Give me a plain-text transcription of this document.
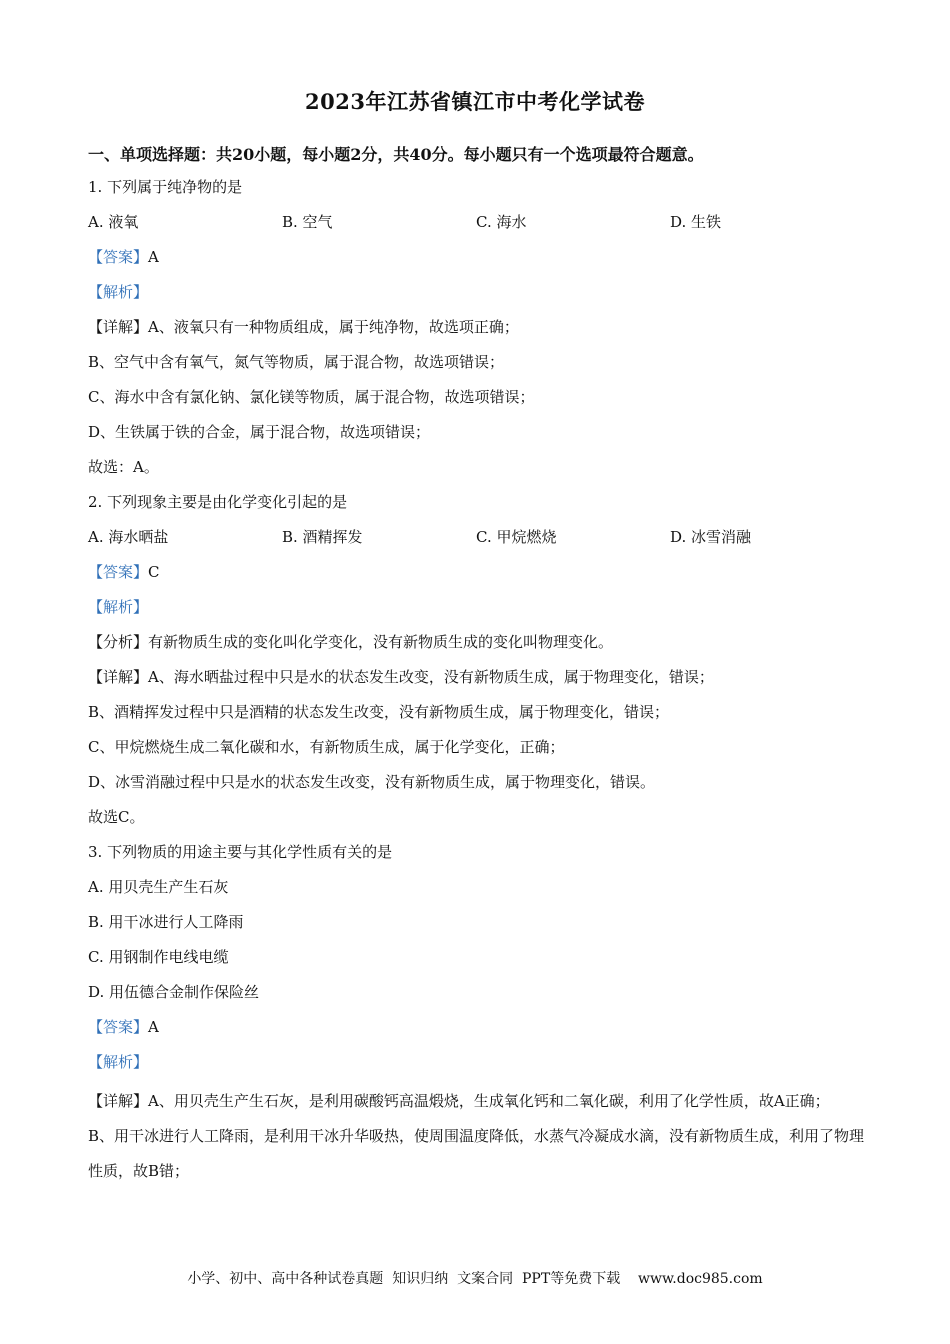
2023年江苏省镇江市中考化学试卷
一、单项选择题：共20小题，每小题2分，共40分。每小题只有一个选项最符合题意。
1. 下列属于纯净物的是
A. 液氧	B. 空气	C. 海水	D. 生铁
【答案】A
【解析】
【详解】A、液氧只有一种物质组成，属于纯净物，故选项正确；
B、空气中含有氧气，氮气等物质，属于混合物，故选项错误；
C、海水中含有氯化钠、氯化镁等物质，属于混合物，故选项错误；
D、生铁属于铁的合金，属于混合物，故选项错误；
故选：A。
2. 下列现象主要是由化学变化引起的是
A. 海水晒盐	B. 酒精挥发	C. 甲烷燃烧	D. 冰雪消融
【答案】C
【解析】
【分析】有新物质生成的变化叫化学变化，没有新物质生成的变化叫物理变化。
【详解】A、海水晒盐过程中只是水的状态发生改变，没有新物质生成，属于物理变化，错误；
B、酒精挥发过程中只是酒精的状态发生改变，没有新物质生成，属于物理变化，错误；
C、甲烷燃烧生成二氧化碳和水，有新物质生成，属于化学变化，正确；
D、冰雪消融过程中只是水的状态发生改变，没有新物质生成，属于物理变化，错误。
故选C。
3. 下列物质的用途主要与其化学性质有关的是
A. 用贝壳生产生石灰
B. 用干冰进行人工降雨
C. 用钢制作电线电缆
D. 用伍德合金制作保险丝
【答案】A
【解析】
【详解】A、用贝壳生产生石灰，是利用碳酸钙高温煅烧，生成氧化钙和二氧化碳，利用了化学性质，故A正确；
B、用干冰进行人工降雨，是利用干冰升华吸热，使周围温度降低，水蒸气冷凝成水滴，没有新物质生成，利用了物理性质，故B错；
小学、初中、高中各种试卷真题  知识归纳  文案合同  PPT等免费下载    www.doc985.com
